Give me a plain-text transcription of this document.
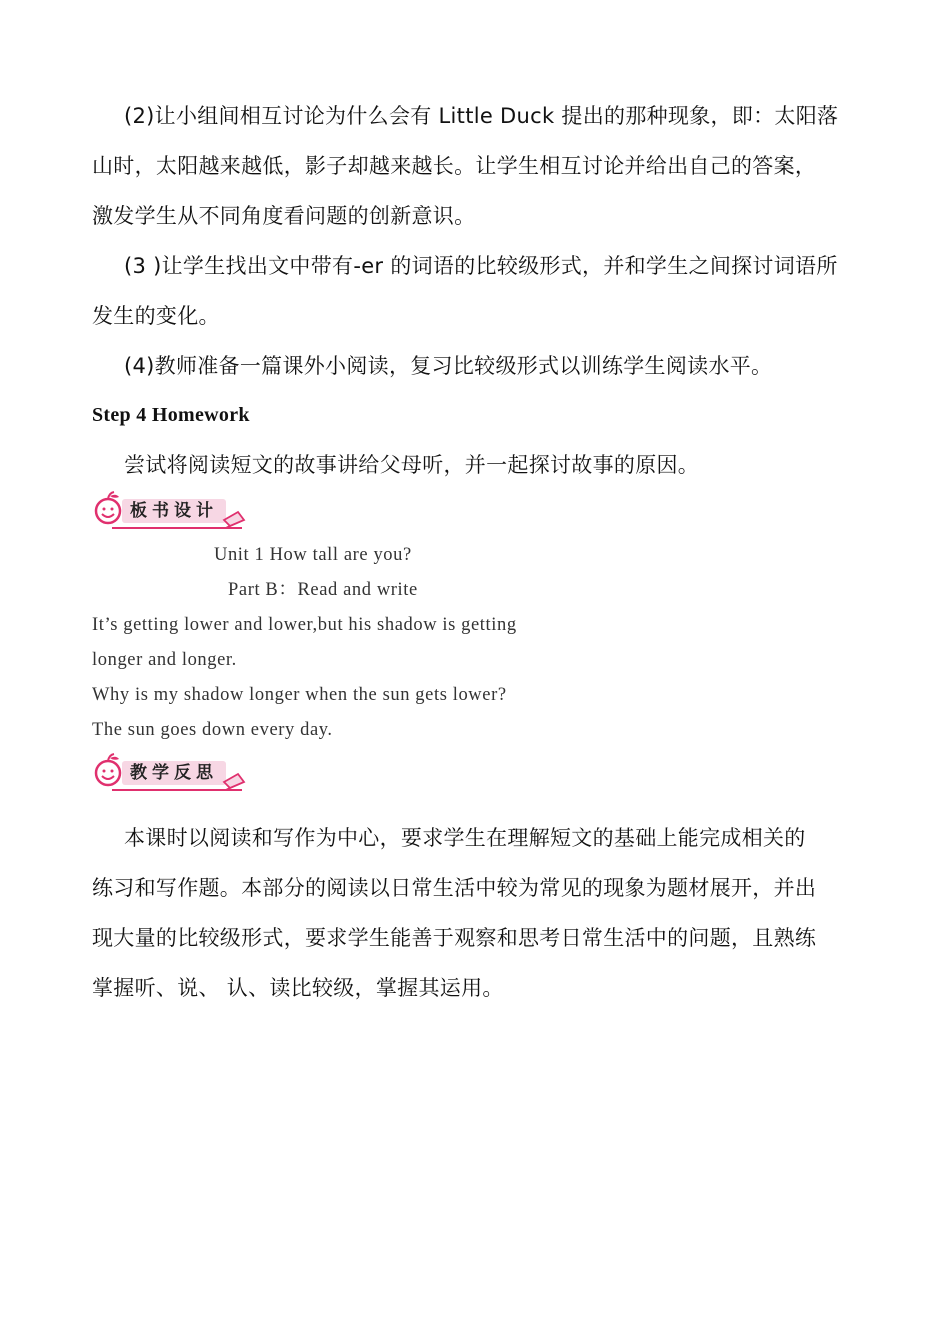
(2)让小组间相互讨论为什么会有 Little Duck 提出的那种现象，即：太阳落
山时，太阳越来越低，影子却越来越长。让学生相互讨论并给出自己的答案，
激发学生从不同角度看问题的创新意识。
(3 )让学生找出文中带有-er 的词语的比较级形式，并和学生之间探讨词语所
发生的变化。
(4)教师准备一篇课外小阅读，复习比较级形式以训练学生阅读水平。
Step 4 Homework
尝试将阅读短文的故事讲给父母听，并一起探讨故事的原因。
板书设计
Unit 1 How tall are you?
Part B：Read and write
It’s getting lower and lower,but his shadow is getting
longer and longer.
Why is my shadow longer when the sun gets lower?
The sun goes down every day.
教学反思
本课时以阅读和写作为中心，要求学生在理解短文的基础上能完成相关的
练习和写作题。本部分的阅读以日常生活中较为常见的现象为题材展开，并出
现大量的比较级形式，要求学生能善于观察和思考日常生活中的问题，且熟练
掌握听、说、 认、读比较级，掌握其运用。
